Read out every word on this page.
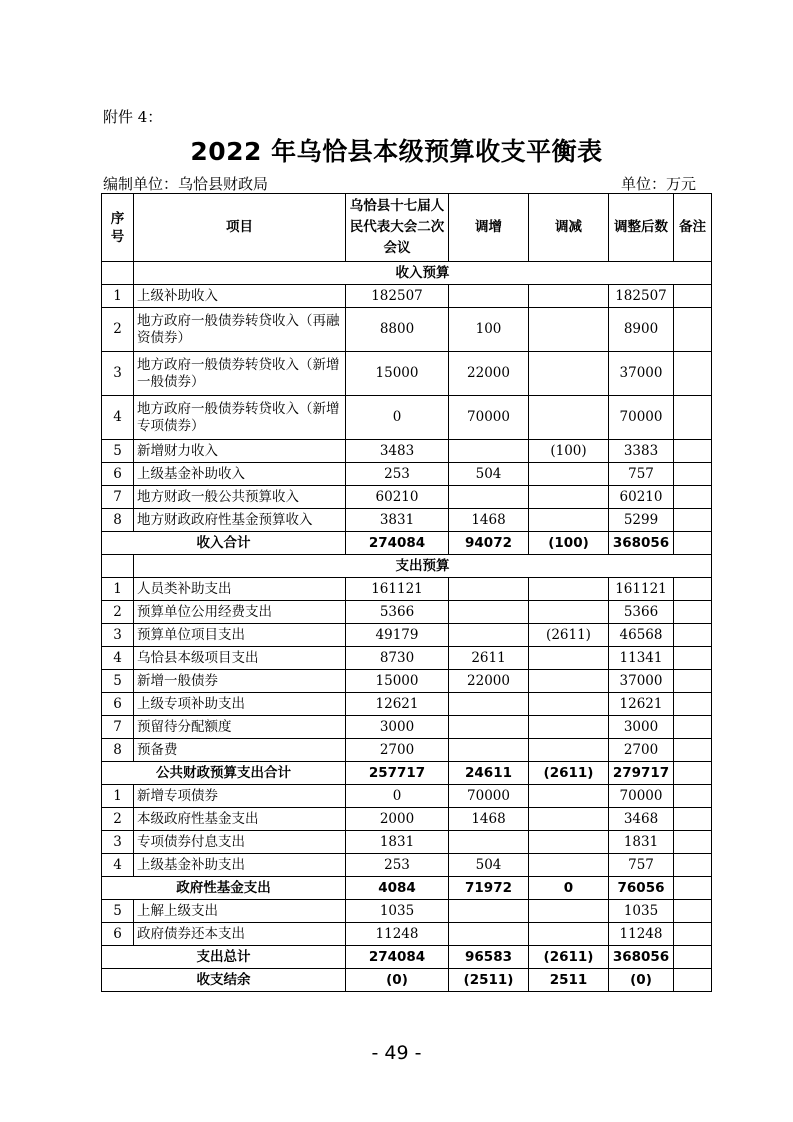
附件 4：
2022 年乌恰县本级预算收支平衡表
编制单位：乌恰县财政局	单位：万元
序号	项目	乌恰县十七届人民代表大会二次会议	调增	调减	调整后数	备注
	收入预算					
1	上级补助收入	182507			182507	
2	地方政府一般债券转贷收入（再融资债券）	8800	100		8900	
3	地方政府一般债券转贷收入（新增一般债券）	15000	22000		37000	
4	地方政府一般债券转贷收入（新增专项债券）	0	70000		70000	
5	新增财力收入	3483		(100)	3383	
6	上级基金补助收入	253	504		757	
7	地方财政一般公共预算收入	60210			60210	
8	地方财政政府性基金预算收入	3831	1468		5299	
收入合计		274084	94072	(100)	368056	
	支出预算					
1	人员类补助支出	161121			161121	
2	预算单位公用经费支出	5366			5366	
3	预算单位项目支出	49179		(2611)	46568	
4	乌恰县本级项目支出	8730	2611		11341	
5	新增一般债券	15000	22000		37000	
6	上级专项补助支出	12621			12621	
7	预留待分配额度	3000			3000	
8	预备费	2700			2700	
公共财政预算支出合计		257717	24611	(2611)	279717	
1	新增专项债券	0	70000		70000	
2	本级政府性基金支出	2000	1468		3468	
3	专项债券付息支出	1831			1831	
4	上级基金补助支出	253	504		757	
政府性基金支出		4084	71972	0	76056	
5	上解上级支出	1035			1035	
6	政府债券还本支出	11248			11248	
支出总计		274084	96583	(2611)	368056	
收支结余		(0)	(2511)	2511	(0)	
- 49 -
